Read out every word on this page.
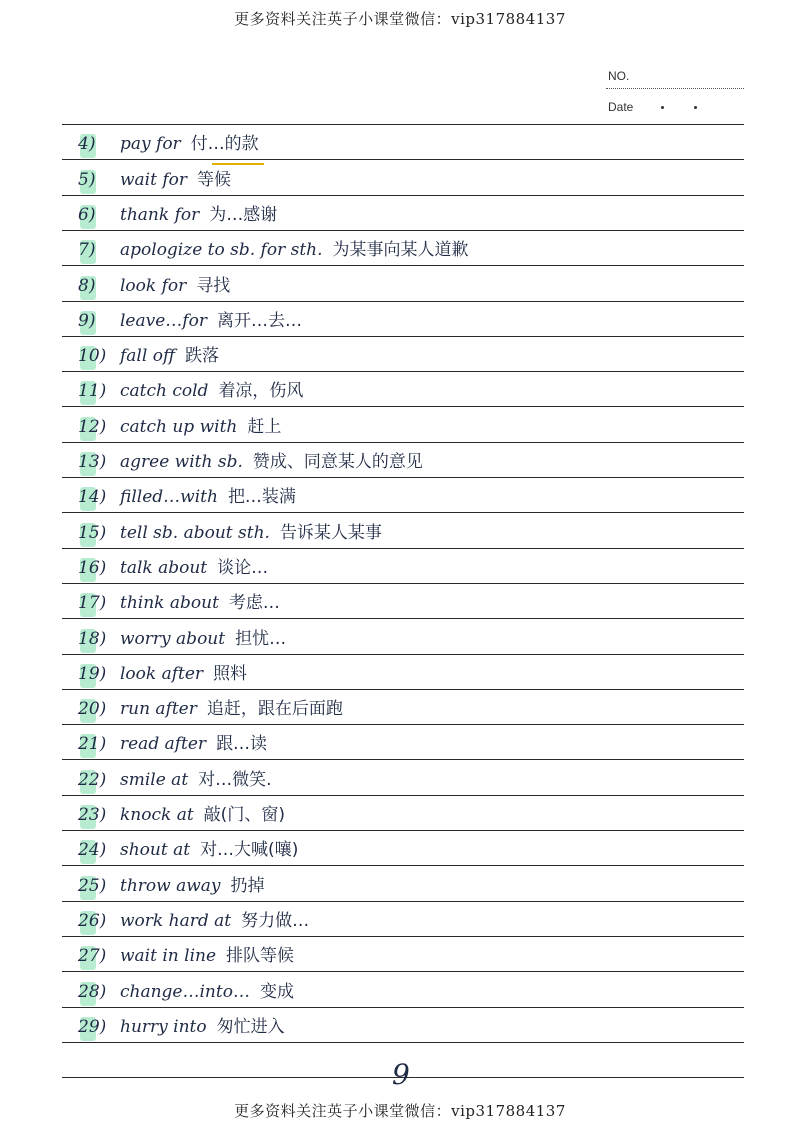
更多资料关注英子小课堂微信：vip317884137
NO.
Date
4) pay for 付…的款
5) wait for 等候
6) thank for 为…感谢
7) apologize to sb. for sth. 为某事向某人道歉
8) look for 寻找
9) leave…for 离开…去…
10) fall off 跌落
11) catch cold 着凉，伤风
12) catch up with 赶上
13) agree with sb. 赞成、同意某人的意见
14) filled…with 把…装满
15) tell sb. about sth. 告诉某人某事
16) talk about 谈论…
17) think about 考虑…
18) worry about 担忧…
19) look after 照料
20) run after 追赶，跟在后面跑
21) read after 跟…读
22) smile at 对…微笑.
23) knock at 敲(门、窗)
24) shout at 对…大喊(嚷)
25) throw away 扔掉
26) work hard at 努力做…
27) wait in line 排队等候
28) change…into… 变成
29) hurry into 匆忙进入
9
更多资料关注英子小课堂微信：vip317884137
